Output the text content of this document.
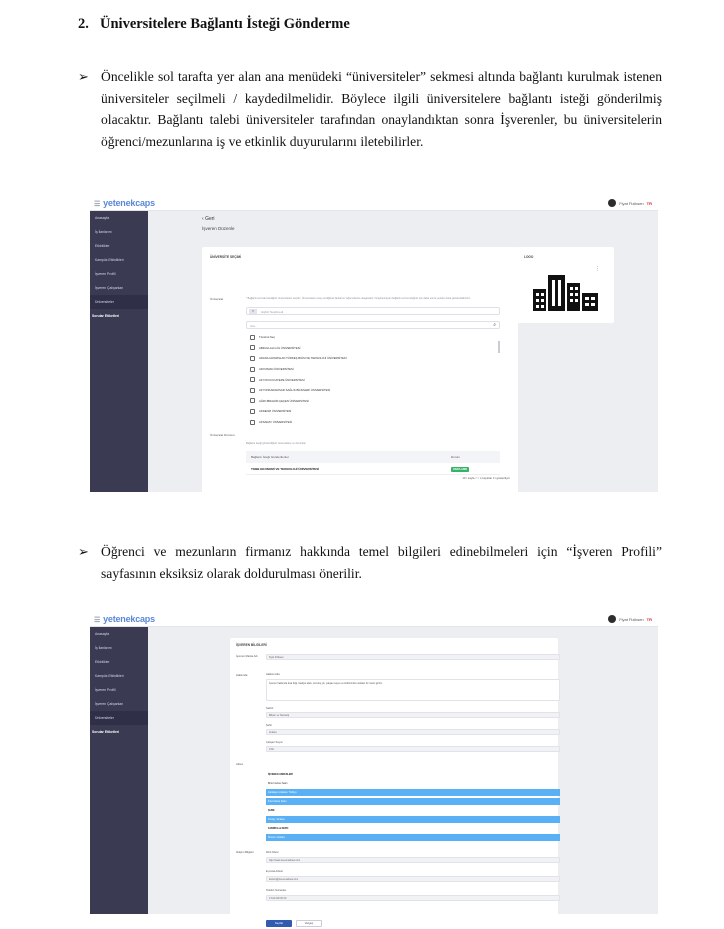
2. Üniversitelere Bağlantı İsteği Gönderme
➢ Öncelikle sol tarafta yer alan ana menüdeki “üniversiteler” sekmesi altında bağlantı kurulmak istenen üniversiteler seçilmeli / kaydedilmelidir. Böylece ilgili üniversitelere bağlantı isteği gönderilmiş olacaktır. Bağlantı talebi üniversiteler tarafından onaylandıktan sonra İşverenler, bu üniversitelerin öğrenci/mezunlarına iş ve etkinlik duyurularını iletebilirler.
☰ yetenekcaps	Fiyat Fiziksen TR
Anasayfa
İş İlanlarım
Etkinlikler
Kampüs Etkinlikleri
İşveren Profili
İşveren Çalışanları
Üniversiteler
Sorular Etiketleri
‹ Geri
İşveren Düzenle
ÜNİVERSİTE SEÇİMİ
Üniversite	* Bağlantı kurmak istediğiniz üniversiteleri seçiniz. Üniversiteler onay verdiğinde ilanlarınız öğrencilerine ulaşacaktır. Onaylanmayan bağlantı kurma isteğiniz için daha sonra yeniden istek gönderebilirsiniz.
▾	Hiçbiri Seçilmedi
Ara...	⌕
Tümünü Seç
ABDULLAH GÜL ÜNİVERSİTESİ
ADANA ALPARSLAN TÜRKEŞ BİLİM VE TEKNOLOJİ ÜNİVERSİTESİ
ADIYAMAN ÜNİVERSİTESİ
AFYON KOCATEPE ÜNİVERSİTESİ
AFYONKARAHİSAR SAĞLIK BİLİMLERİ ÜNİVERSİTESİ
AĞRI İBRAHİM ÇEÇEN ÜNİVERSİTESİ
AKDENİZ ÜNİVERSİTESİ
AKSARAY ÜNİVERSİTESİ
Üniversite Durumu
Bağlantı isteği gönderdiğiniz üniversiteler ve durumları
Bağlantı İsteği Gönderilenler	Durum
TOBB EKONOMİ VE TEKNOLOJİ ÜNİVERSİTESİ	ONAYLANDI
10 / sayfa < > 1 kayıttan 1'i gösteriliyor
LOGO
⋮
➢ Öğrenci ve mezunların firmanız hakkında temel bilgileri edinebilmeleri için “İşveren Profili” sayfasının eksiksiz olarak doldurulması önerilir.
☰ yetenekcaps	Fiyat Fiziksen TR
Anasayfa
İş İlanlarım
Etkinlikler
Kampüs Etkinlikleri
İşveren Profili
İşveren Çalışanları
Üniversiteler
Sorular Etiketleri
İŞVEREN BİLGİLERİ
İşveren Marka Adı	Fiyat Fiziksen
Hakkında	Hakkımızda
İşveren hakkında kısa bilgi, faaliyet alanı, kuruluş yılı, çalışan sayısı ve kültürünüzü anlatan bir metin giriniz.
Sektör
Bilişim ve Teknoloji
Şehir
Ankara
Çalışan Sayısı
0-50
Adres
İŞVEREN ADRESLERİ
Birinci Adres Satırı
Çankaya / Ankara / Türkiye
İkinci Adres Satırı
ŞUBE
Kızılay / Ankara
FABRİKA & DEPO
Sincan / Ankara
İletişim Bilgileri	Web Sitesi
http://www.isverenadresi.com
E-posta Adresi
iletisim@isverenadresi.com
Telefon Numarası
0 312 000 00 00
Kaydet	Vazgeç
